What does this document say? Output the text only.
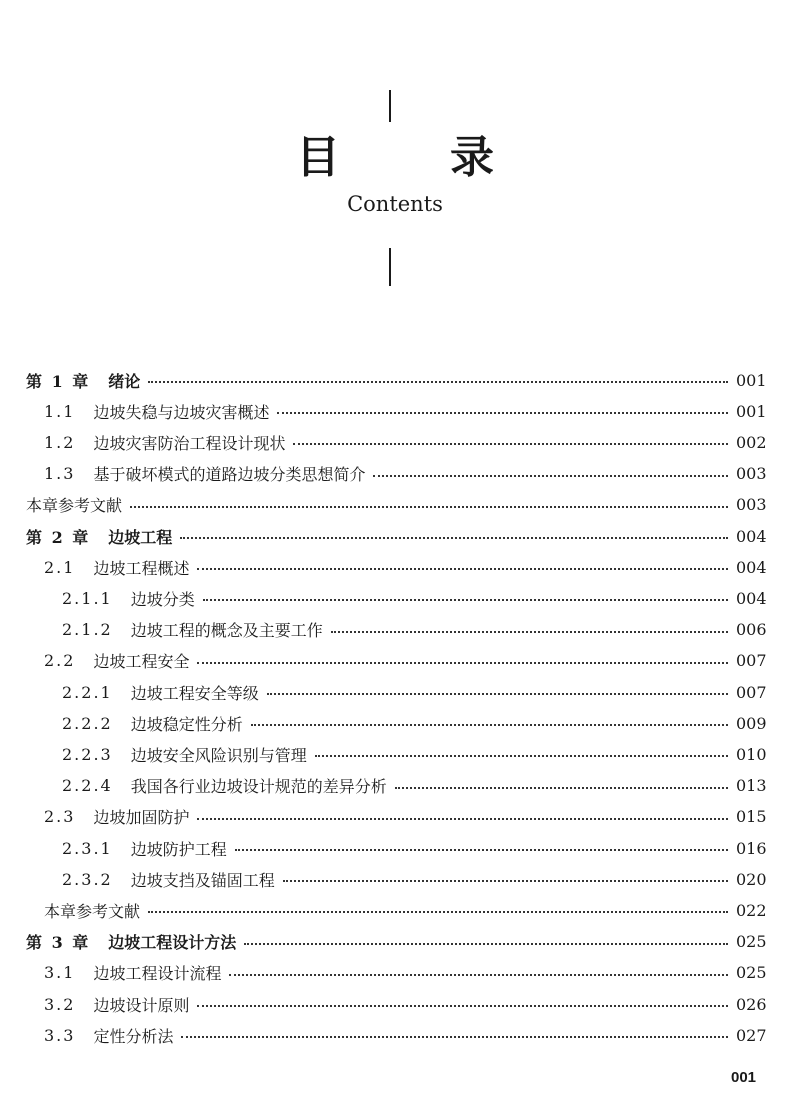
目录
Contents
第 1 章 绪论	001
1.1 边坡失稳与边坡灾害概述	001
1.2 边坡灾害防治工程设计现状	002
1.3 基于破坏模式的道路边坡分类思想简介	003
本章参考文献	003
第 2 章 边坡工程	004
2.1 边坡工程概述	004
2.1.1 边坡分类	004
2.1.2 边坡工程的概念及主要工作	006
2.2 边坡工程安全	007
2.2.1 边坡工程安全等级	007
2.2.2 边坡稳定性分析	009
2.2.3 边坡安全风险识别与管理	010
2.2.4 我国各行业边坡设计规范的差异分析	013
2.3 边坡加固防护	015
2.3.1 边坡防护工程	016
2.3.2 边坡支挡及锚固工程	020
本章参考文献	022
第 3 章 边坡工程设计方法	025
3.1 边坡工程设计流程	025
3.2 边坡设计原则	026
3.3 定性分析法	027
001
